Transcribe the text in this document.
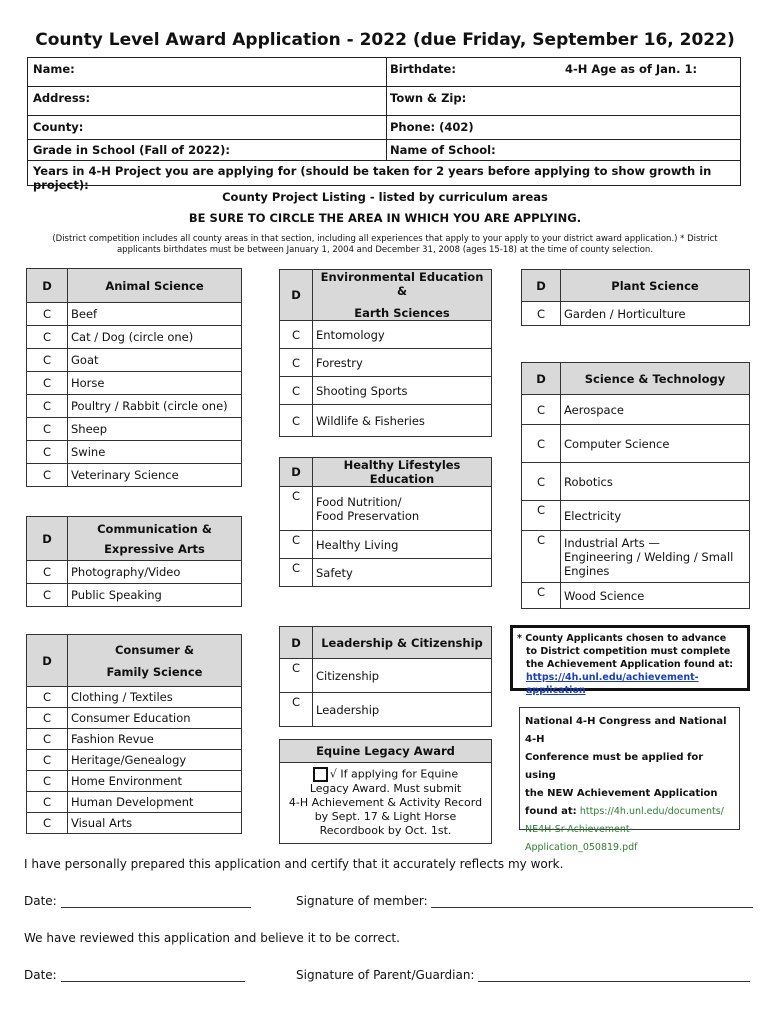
County Level Award Application - 2022 (due Friday, September 16, 2022)
Name:	Birthdate:	4-H Age as of Jan. 1:
Address:	Town & Zip:
County:	Phone: (402)
Grade in School (Fall of 2022):	Name of School:
Years in 4-H Project you are applying for (should be taken for 2 years before applying to show growth in project):
County Project Listing - listed by curriculum areas
BE SURE TO CIRCLE THE AREA IN WHICH YOU ARE APPLYING.
(District competition includes all county areas in that section, including all experiences that apply to your apply to your district award application.) * District applicants birthdates must be between January 1, 2004 and December 31, 2008 (ages 15-18) at the time of county selection.
D	Animal Science
C	Beef
C	Cat / Dog (circle one)
C	Goat
C	Horse
C	Poultry / Rabbit (circle one)
C	Sheep
C	Swine
C	Veterinary Science
D	Communication &
Expressive Arts

C	Photography/Video
C	Public Speaking
D	Consumer &
Family Science

C	Clothing / Textiles
C	Consumer Education
C	Fashion Revue
C	Heritage/Genealogy
C	Home Environment
C	Human Development
C	Visual Arts
D	Environmental Education &
Earth Sciences

C	Entomology
C	Forestry
C	Shooting Sports
C	Wildlife & Fisheries
D	Healthy Lifestyles Education
C	Food Nutrition/
Food Preservation

C	Healthy Living
C	Safety
D	Leadership & Citizenship
C	Citizenship
C	Leadership
Equine Legacy Award
√ If applying for Equine
Legacy Award. Must submit
4-H Achievement & Activity Record
by Sept. 17 & Light Horse
Recordbook by Oct. 1st.
D	Plant Science
C	Garden / Horticulture
D	Science & Technology
C	Aerospace
C	Computer Science
C	Robotics
C	Electricity
C	Industrial Arts —
Engineering / Welding / Small
Engines

C	Wood Science
* County Applicants chosen to advance
to District competition must complete
the Achievement Application found at:
https://4h.unl.edu/achievement-application
National 4-H Congress and National 4-H
Conference must be applied for using
the NEW Achievement Application
found at: https://4h.unl.edu/documents/
NE4H-Sr-Achievement-
Application_050819.pdf
I have personally prepared this application and certify that it accurately reflects my work.
Date:	Signature of member:
We have reviewed this application and believe it to be correct.
Date:	Signature of Parent/Guardian:
